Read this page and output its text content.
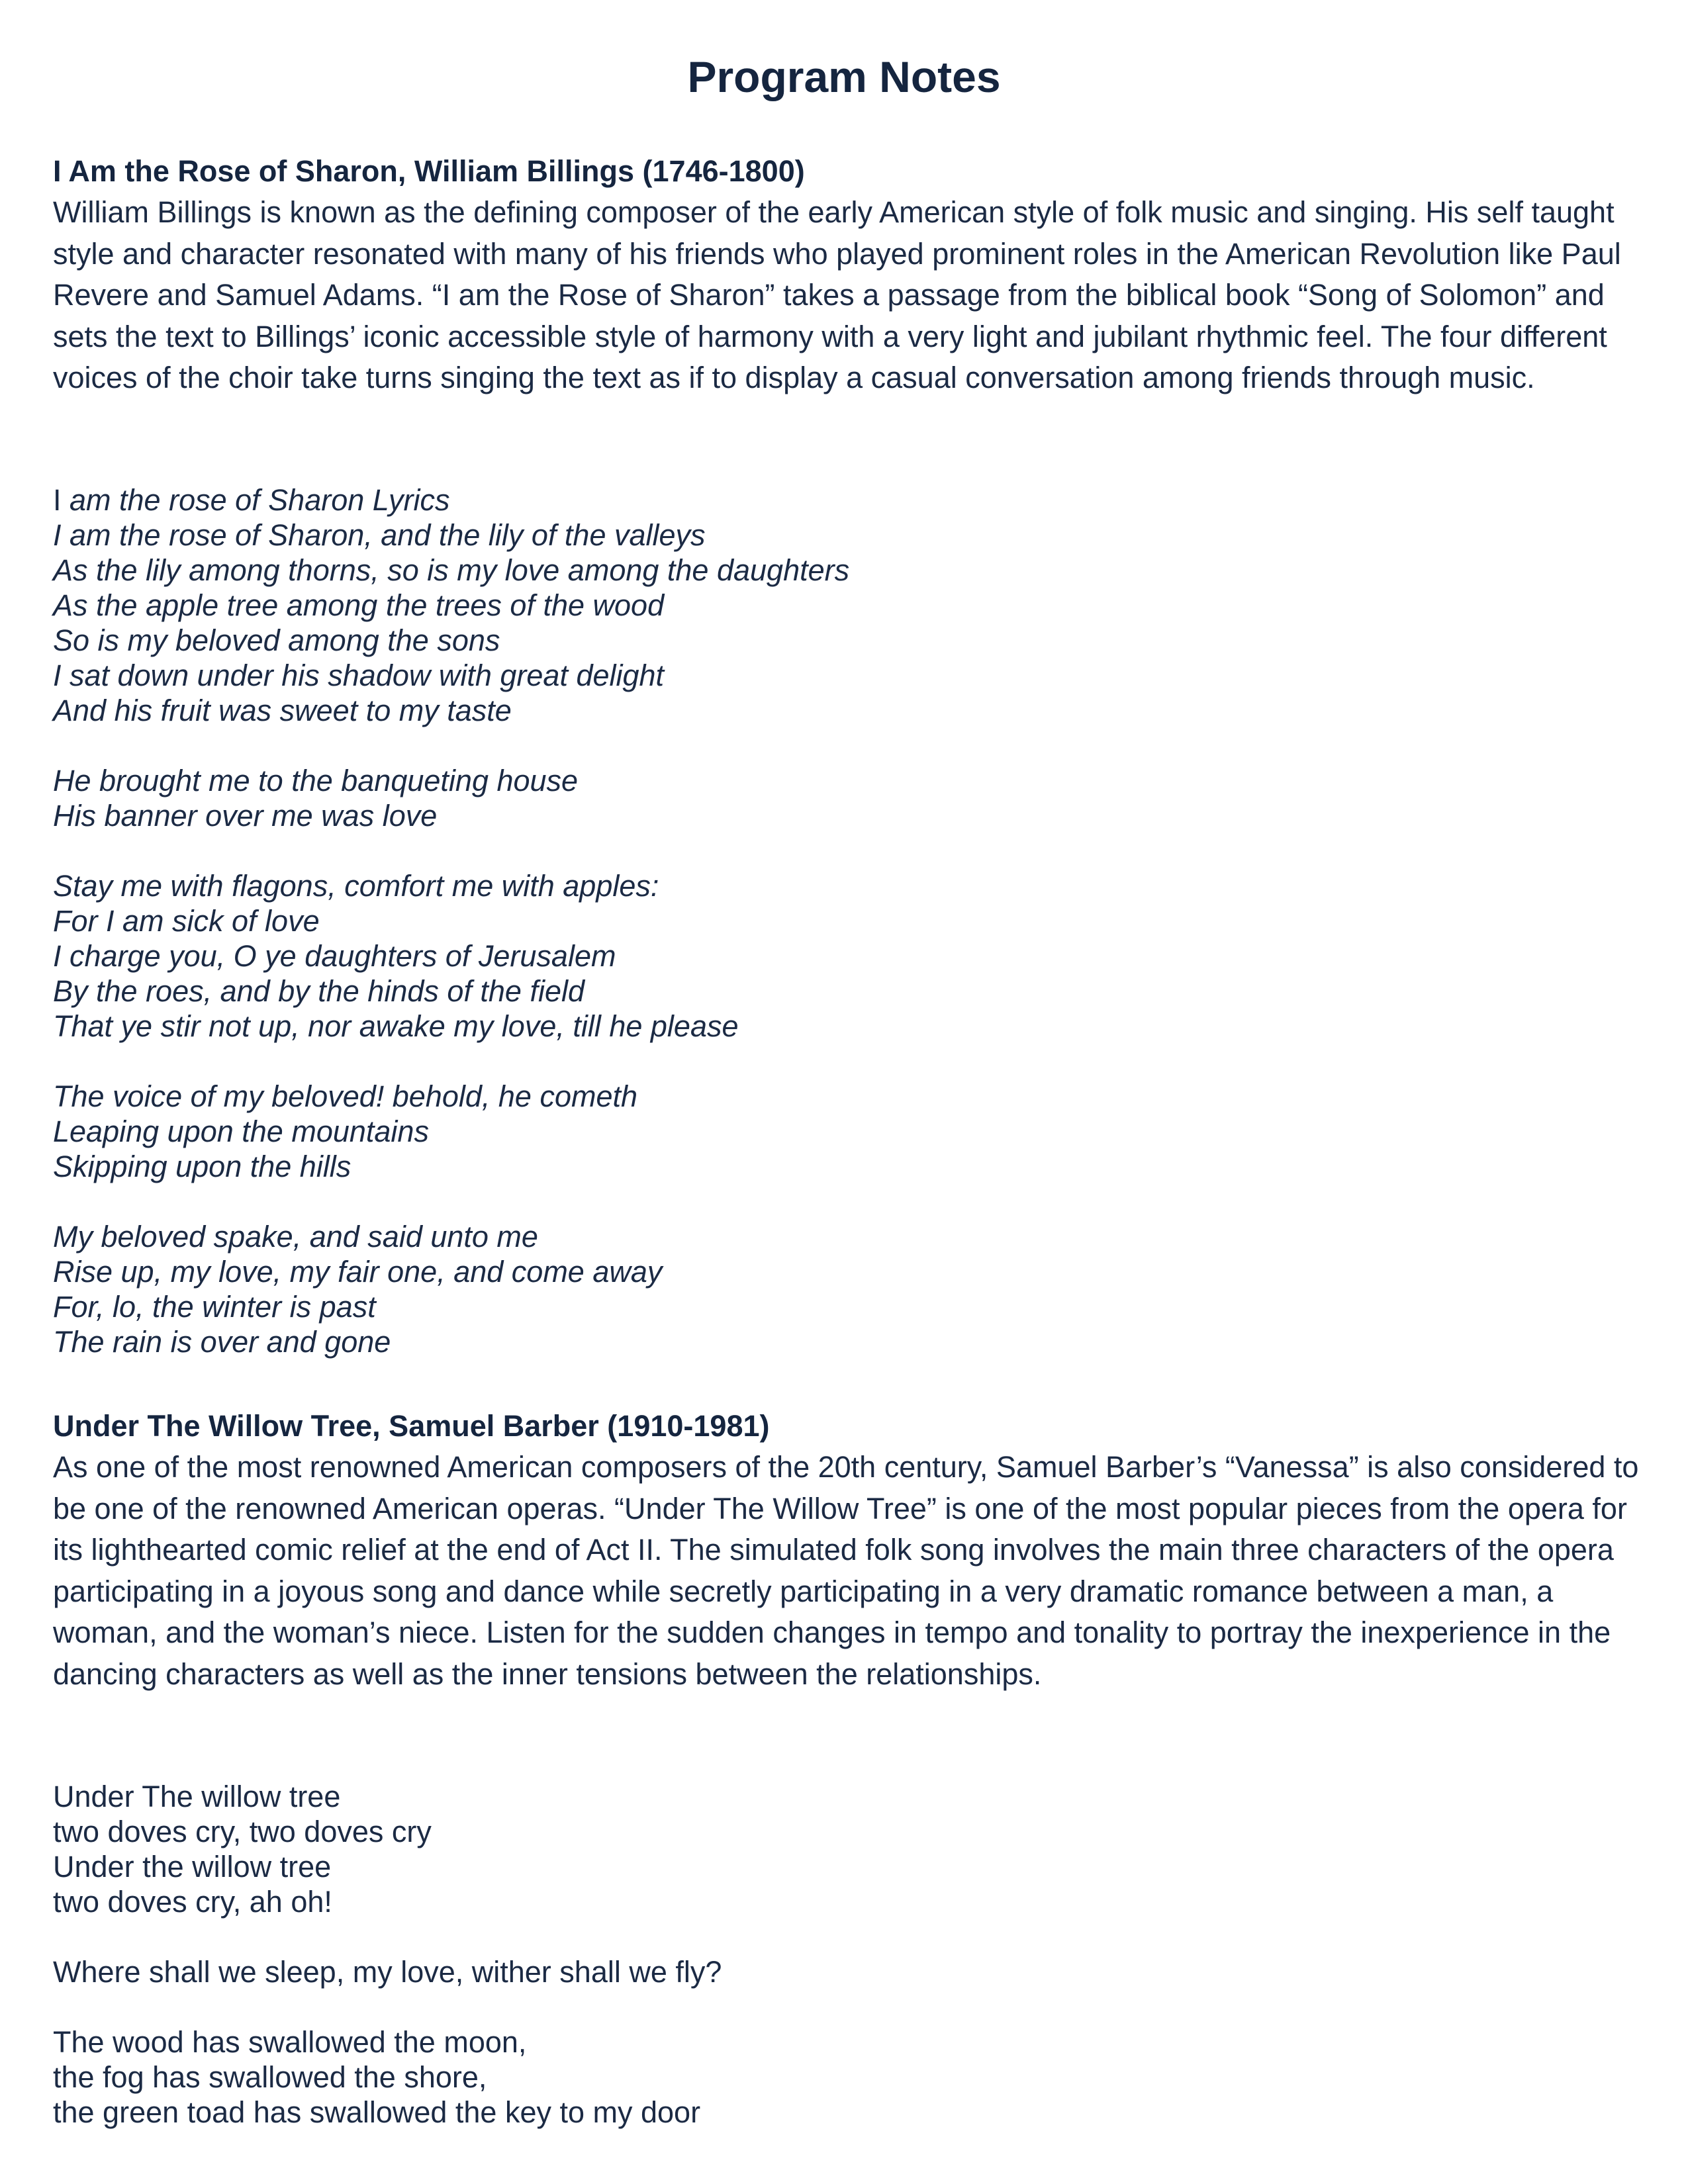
Program Notes

I Am the Rose of Sharon, William Billings (1746-1800)

William Billings is known as the defining composer of the early American style of folk music and singing. His self taught style and character resonated with many of his friends who played prominent roles in the American Revolution like Paul Revere and Samuel Adams. “I am the Rose of Sharon” takes a passage from the biblical book “Song of Solomon” and sets the text to Billings’ iconic accessible style of harmony with a very light and jubilant rhythmic feel. The four different voices of the choir take turns singing the text as if to display a casual conversation among friends through music.

I am the rose of Sharon Lyrics
I am the rose of Sharon, and the lily of the valleys
As the lily among thorns, so is my love among the daughters
As the apple tree among the trees of the wood
So is my beloved among the sons
I sat down under his shadow with great delight
And his fruit was sweet to my taste
He brought me to the banqueting house
His banner over me was love
Stay me with flagons, comfort me with apples:
For I am sick of love
I charge you, O ye daughters of Jerusalem
By the roes, and by the hinds of the field
That ye stir not up, nor awake my love, till he please
The voice of my beloved! behold, he cometh
Leaping upon the mountains
Skipping upon the hills
My beloved spake, and said unto me
Rise up, my love, my fair one, and come away
For, lo, the winter is past
The rain is over and gone

Under The Willow Tree, Samuel Barber (1910-1981)

As one of the most renowned American composers of the 20th century, Samuel Barber’s “Vanessa” is also considered to be one of the renowned American operas. “Under The Willow Tree” is one of the most popular pieces from the opera for its lighthearted comic relief at the end of Act II. The simulated folk song involves the main three characters of the opera participating in a joyous song and dance while secretly participating in a very dramatic romance between a man, a woman, and the woman’s niece. Listen for the sudden changes in tempo and tonality to portray the inexperience in the dancing characters as well as the inner tensions between the relationships.

Under The willow tree
two doves cry, two doves cry
Under the willow tree
two doves cry, ah oh!
Where shall we sleep, my love, wither shall we fly?
The wood has swallowed the moon,
the fog has swallowed the shore,
the green toad has swallowed the key to my door
